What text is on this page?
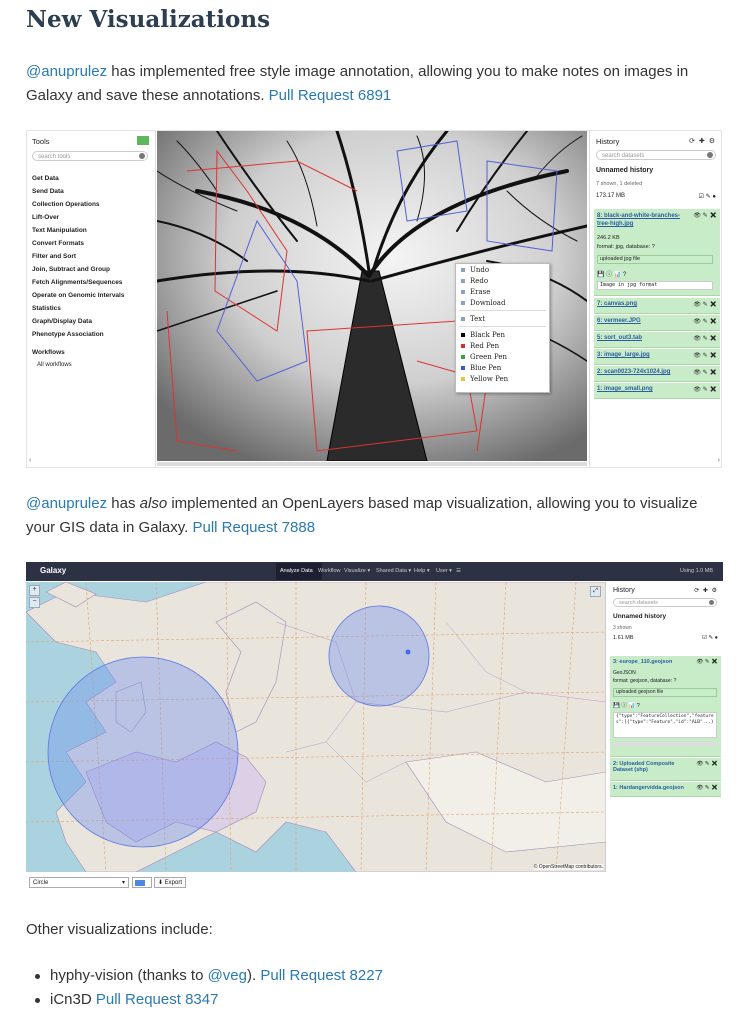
New Visualizations
@anuprulez has implemented free style image annotation, allowing you to make notes on images in Galaxy and save these annotations. Pull Request 6891
Tools
search tools
Get Data
Send Data
Collection Operations
Lift-Over
Text Manipulation
Convert Formats
Filter and Sort
Join, Subtract and Group
Fetch Alignments/Sequences
Operate on Genomic Intervals
Statistics
Graph/Display Data
Phenotype Association
Workflows
All workflows
‹
Undo
Redo
Erase
Download
Text
Black Pen
Red Pen
Green Pen
Blue Pen
Yellow Pen
History	⟳ ✚ ⚙
search datasets
Unnamed history
7 shown, 1 deleted
173.17 MB	☑ ✎ ●
8: black-and-white-branches-tree-high.jpg
👁 ✎ ✖
246.2 KB
format: jpg, database: ?
uploaded jpg file
💾 ⓘ 📊 ?
Image in jpg format
7: canvas.png	👁 ✎ ✖
6: vermeer.JPG	👁 ✎ ✖
5: sort_out3.tab	👁 ✎ ✖
3: image_large.jpg	👁 ✎ ✖
2: scan0023-724x1024.jpg	👁 ✎ ✖
1: image_small.png	👁 ✎ ✖
›
@anuprulez has also implemented an OpenLayers based map visualization, allowing you to visualize your GIS data in Galaxy. Pull Request 7888
Galaxy	Analyze Data Workflow Visualize ▾ Shared Data ▾ Help ▾ User ▾ ☰	Using 1.0 MB
+
−
⤢
© OpenStreetMap contributors.
Circle	▾	⬇ Export
History	⟳ ✚ ⚙
search datasets
Unnamed history
3 shown
1.61 MB	☑ ✎ ●
3: europe_110.geojson	👁 ✎ ✖
GeoJSON
format: geojson, database: ?
uploaded geojson file
💾 ⓘ 📊 ?
{"type":"FeatureCollection","features":[{"type":"Feature","id":"ALB"...}
2: Uploaded Composite Dataset (shp)
👁 ✎ ✖
1: Hardangervidda.geojson	👁 ✎ ✖
Other visualizations include:
hyphy-vision (thanks to @veg). Pull Request 8227
iCn3D Pull Request 8347
